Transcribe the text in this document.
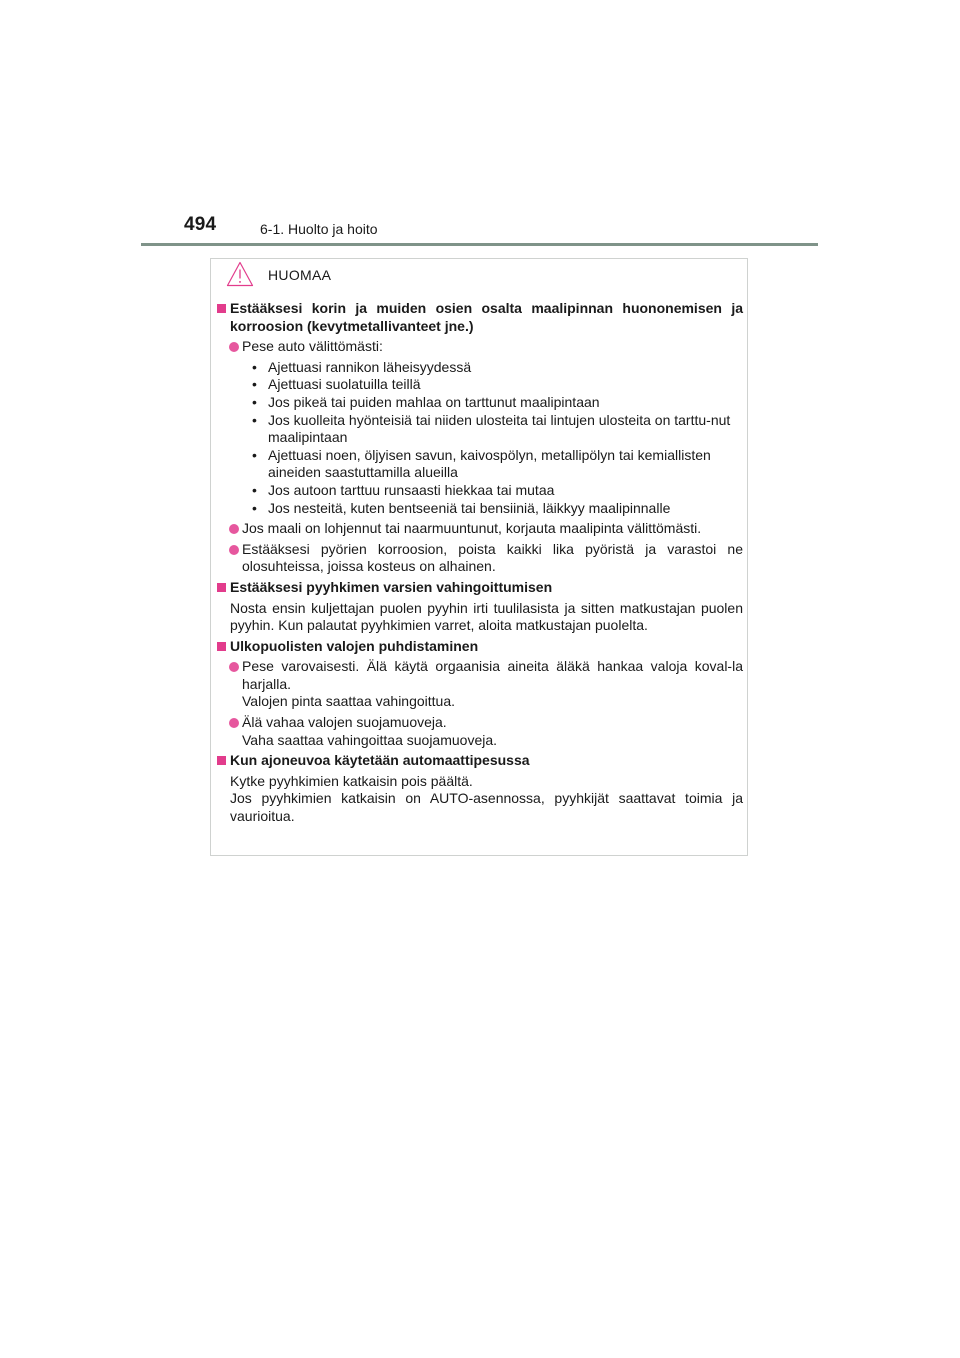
494	6-1. Huolto ja hoito
HUOMAA
Estääksesi korin ja muiden osien osalta maalipinnan huononemisen ja korroosion (kevytmetallivanteet jne.)
Pese auto välittömästi:
• Ajettuasi rannikon läheisyydessä
• Ajettuasi suolatuilla teillä
• Jos pikeä tai puiden mahlaa on tarttunut maalipintaan
• Jos kuolleita hyönteisiä tai niiden ulosteita tai lintujen ulosteita on tarttu-nut maalipintaan
• Ajettuasi noen, öljyisen savun, kaivospölyn, metallipölyn tai kemiallisten aineiden saastuttamilla alueilla
• Jos autoon tarttuu runsaasti hiekkaa tai mutaa
• Jos nesteitä, kuten bentseeniä tai bensiiniä, läikkyy maalipinnalle
Jos maali on lohjennut tai naarmuuntunut, korjauta maalipinta välittömästi.
Estääksesi pyörien korroosion, poista kaikki lika pyöristä ja varastoi ne olosuhteissa, joissa kosteus on alhainen.
Estääksesi pyyhkimen varsien vahingoittumisen
Nosta ensin kuljettajan puolen pyyhin irti tuulilasista ja sitten matkustajan puolen pyyhin. Kun palautat pyyhkimien varret, aloita matkustajan puolelta.
Ulkopuolisten valojen puhdistaminen
Pese varovaisesti. Älä käytä orgaanisia aineita äläkä hankaa valoja koval-la harjalla.
Valojen pinta saattaa vahingoittua.
Älä vahaa valojen suojamuoveja.
Vaha saattaa vahingoittaa suojamuoveja.
Kun ajoneuvoa käytetään automaattipesussa
Kytke pyyhkimien katkaisin pois päältä.
Jos pyyhkimien katkaisin on AUTO-asennossa, pyyhkijät saattavat toimia ja vaurioitua.
